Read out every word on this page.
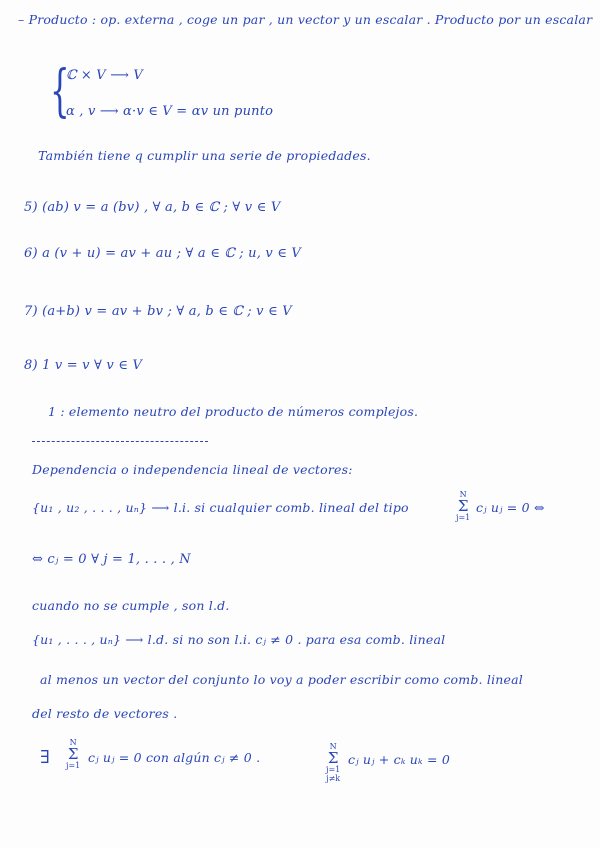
– Producto : op. externa , coge un par , un vector y un escalar . Producto por un escalar
{
ℂ × V ⟶ V
α , v ⟶ α·v ∈ V = αv un punto
También tiene q cumplir una serie de propiedades.
5) (ab) v = a (bv) , ∀ a, b ∈ ℂ ; ∀ v ∈ V
6) a (v + u) = av + au ; ∀ a ∈ ℂ ; u, v ∈ V
7) (a+b) v = av + bv ; ∀ a, b ∈ ℂ ; v ∈ V
8) 1 v = v ∀ v ∈ V
1 : elemento neutro del producto de números complejos.
Dependencia o independencia lineal de vectores:
{u₁ , u₂ , . . . , uₙ} ⟶ l.i. si cualquier comb. lineal del tipo
N
Σ
j=1
cⱼ uⱼ = 0 ⇔
⇔ cⱼ = 0 ∀ j = 1, . . . , N
cuando no se cumple , son l.d.
{u₁ , . . . , uₙ} ⟶ l.d. si no son l.i. cⱼ ≠ 0 . para esa comb. lineal
al menos un vector del conjunto lo voy a poder escribir como comb. lineal
del resto de vectores .
∃
N
Σ
j=1
cⱼ uⱼ = 0 con algún cⱼ ≠ 0 .
N
Σ
j=1
j≠k
cⱼ uⱼ + cₖ uₖ = 0
